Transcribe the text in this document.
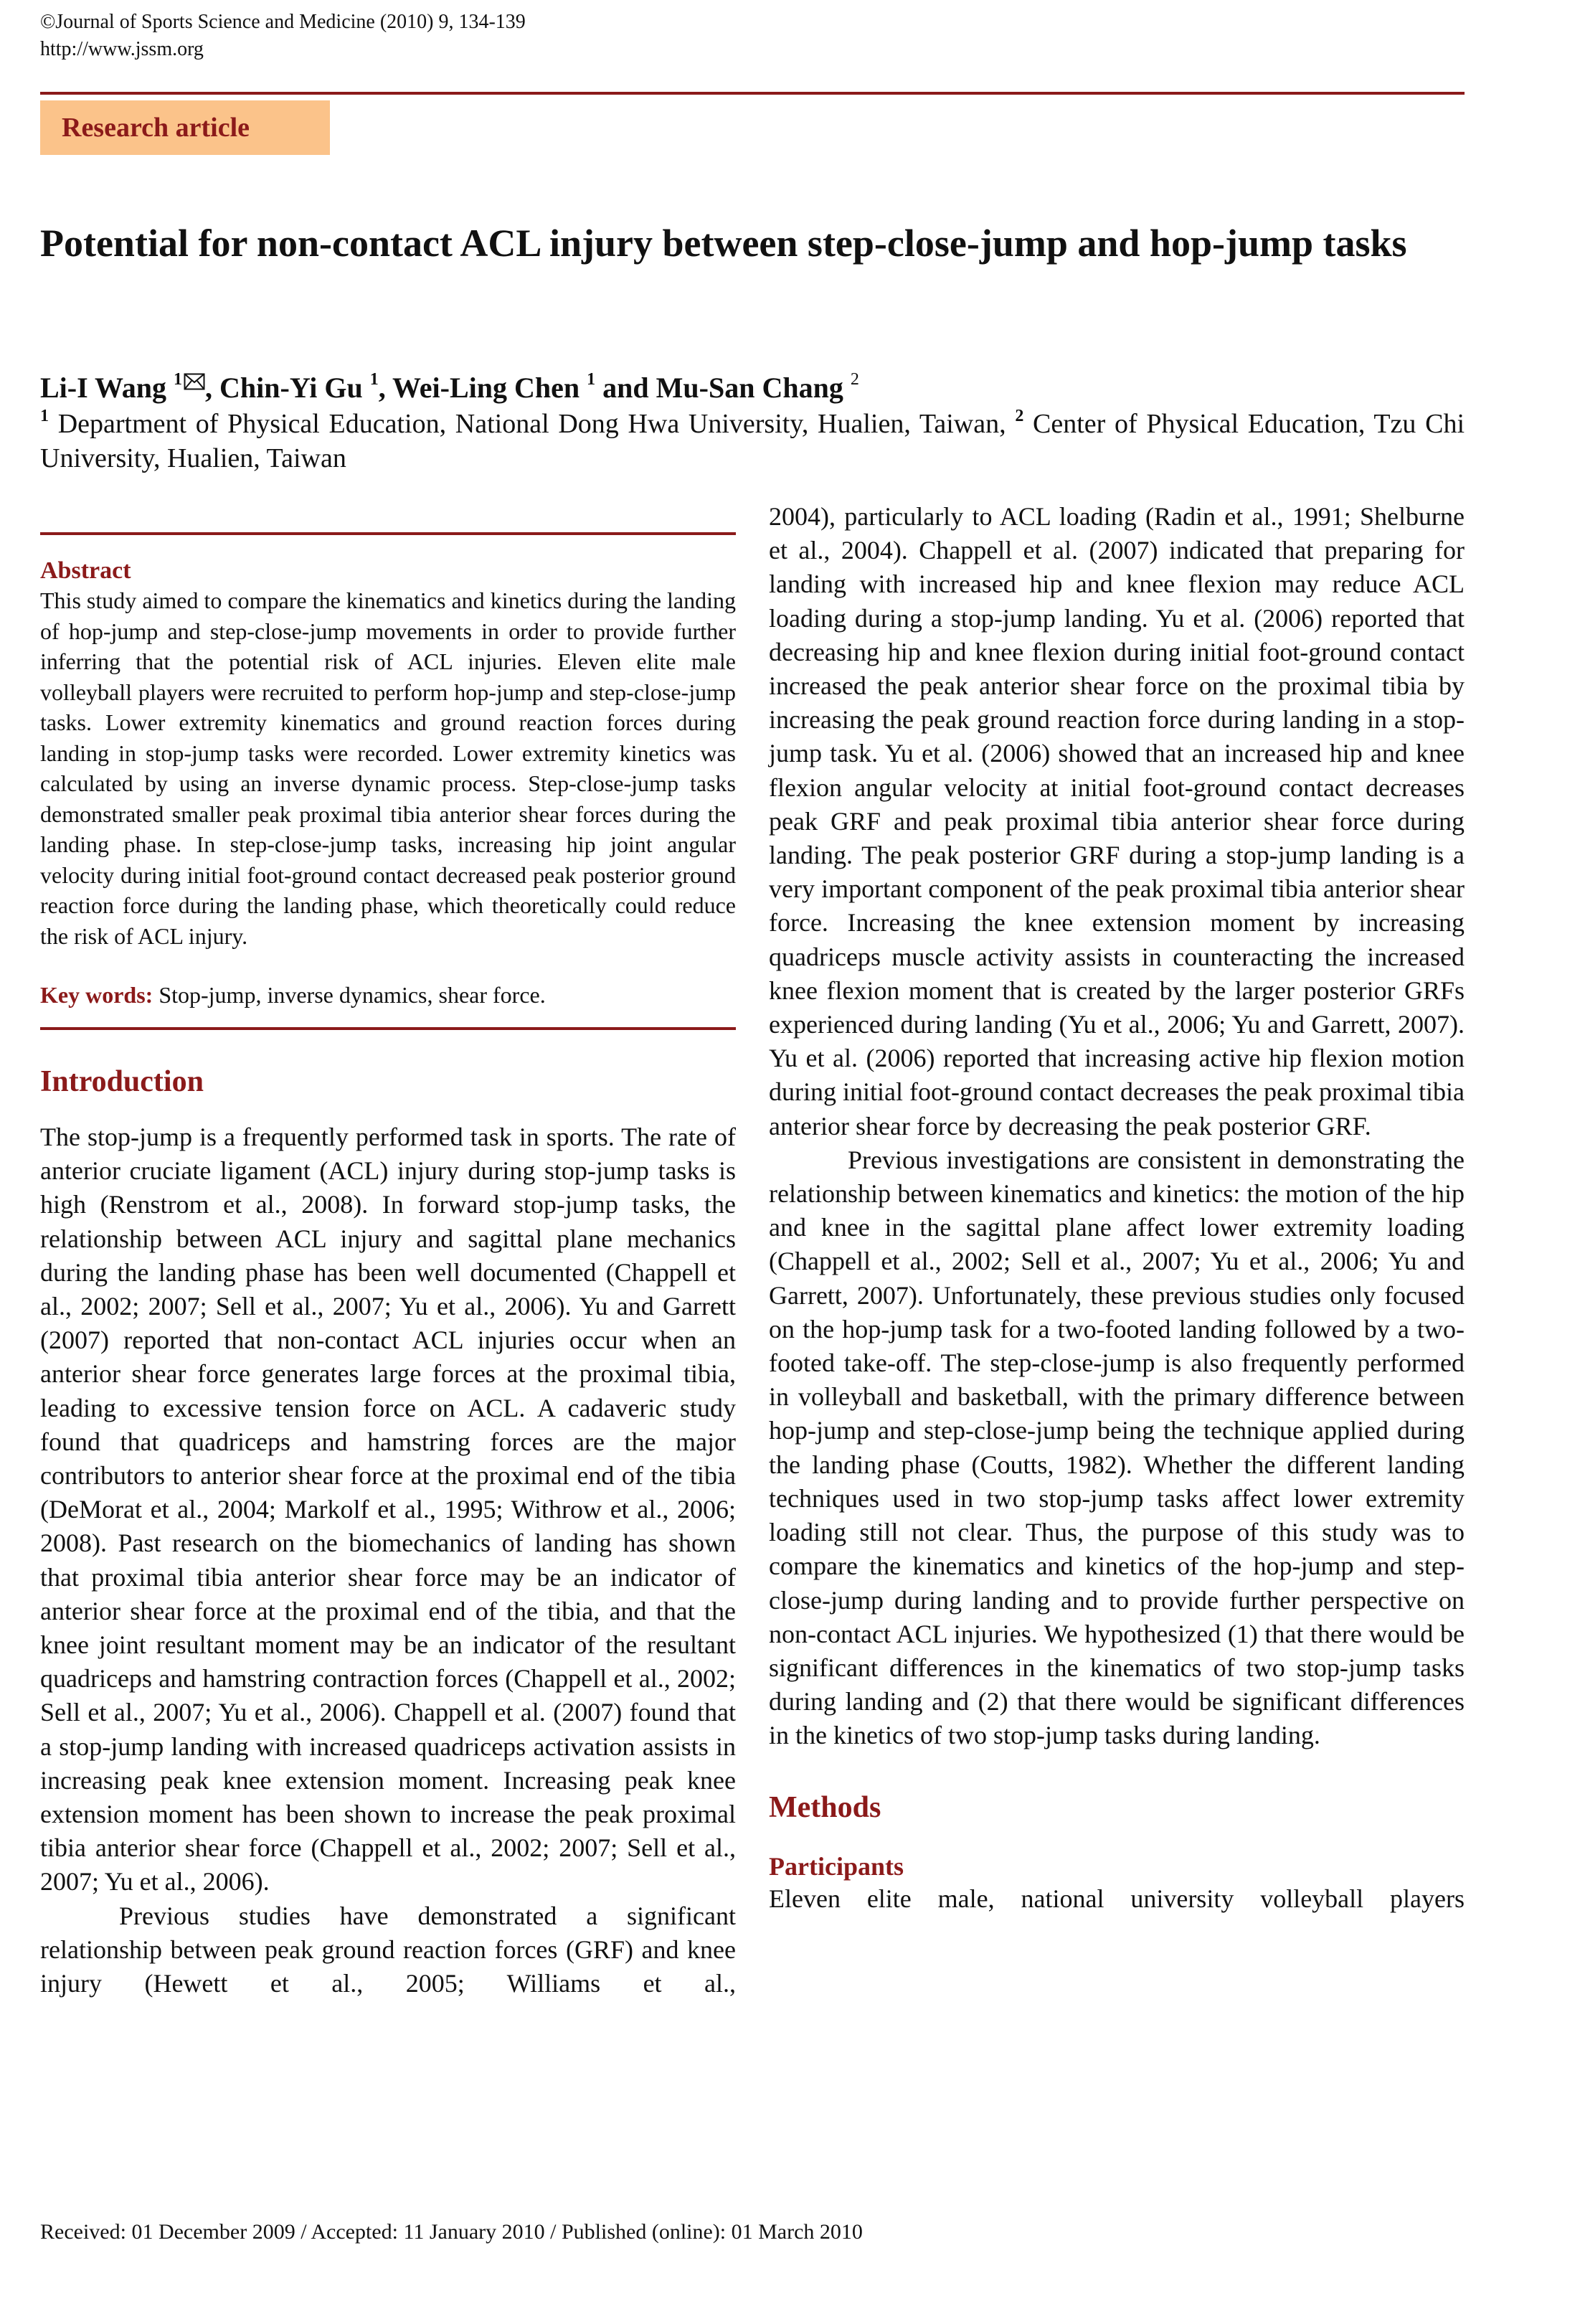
©Journal of Sports Science and Medicine (2010) 9, 134-139
http://www.jssm.org
Research article
Potential for non-contact ACL injury between step-close-jump and hop-jump tasks
Li-I Wang $^1$ , Chin-Yi Gu $^1$, Wei-Ling Chen $^1$ and Mu-San Chang $^2$
$^1$ Department of Physical Education, National Dong Hwa University, Hualien, Taiwan, $^2$ Center of Physical Education, Tzu Chi University, Hualien, Taiwan
Abstract

This study aimed to compare the kinematics and kinetics during the landing of hop-jump and step-close-jump movements in order to provide further inferring that the potential risk of ACL injuries. Eleven elite male volleyball players were recruited to perform hop-jump and step-close-jump tasks. Lower extremity kinematics and ground reaction forces during landing in stop-jump tasks were recorded. Lower extremity kinetics was calculated by using an inverse dynamic process. Step-close-jump tasks demonstrated smaller peak proximal tibia anterior shear forces during the landing phase. In step-close-jump tasks, increasing hip joint angular velocity during initial foot-ground contact decreased peak posterior ground reaction force during the landing phase, which theoretically could reduce the risk of ACL injury.

Key words: Stop-jump, inverse dynamics, shear force.
Introduction

The stop-jump is a frequently performed task in sports. The rate of anterior cruciate ligament (ACL) injury during stop-jump tasks is high (Renstrom et al., 2008). In forward stop-jump tasks, the relationship between ACL injury and sagittal plane mechanics during the landing phase has been well documented (Chappell et al., 2002; 2007; Sell et al., 2007; Yu et al., 2006). Yu and Garrett (2007) reported that non-contact ACL injuries occur when an anterior shear force generates large forces at the proximal tibia, leading to excessive tension force on ACL. A cadaveric study found that quadriceps and hamstring forces are the major contributors to anterior shear force at the proximal end of the tibia (DeMorat et al., 2004; Markolf et al., 1995; Withrow et al., 2006; 2008). Past research on the biomechanics of landing has shown that proximal tibia anterior shear force may be an indicator of anterior shear force at the proximal end of the tibia, and that the knee joint resultant moment may be an indicator of the resultant quadriceps and hamstring contraction forces (Chappell et al., 2002; Sell et al., 2007; Yu et al., 2006). Chappell et al. (2007) found that a stop-jump landing with increased quadriceps activation assists in increasing peak knee extension moment. Increasing peak knee extension moment has been shown to increase the peak proximal tibia anterior shear force (Chappell et al., 2002; 2007; Sell et al., 2007; Yu et al., 2006).

Previous studies have demonstrated a significant relationship between peak ground reaction forces (GRF) and knee injury (Hewett et al., 2005; Williams et al.,

2004), particularly to ACL loading (Radin et al., 1991; Shelburne et al., 2004). Chappell et al. (2007) indicated that preparing for landing with increased hip and knee flexion may reduce ACL loading during a stop-jump landing. Yu et al. (2006) reported that decreasing hip and knee flexion during initial foot-ground contact increased the peak anterior shear force on the proximal tibia by increasing the peak ground reaction force during landing in a stop-jump task. Yu et al. (2006) showed that an increased hip and knee flexion angular velocity at initial foot-ground contact decreases peak GRF and peak proximal tibia anterior shear force during landing. The peak posterior GRF during a stop-jump landing is a very important component of the peak proximal tibia anterior shear force. Increasing the knee extension moment by increasing quadriceps muscle activity assists in counteracting the increased knee flexion moment that is created by the larger posterior GRFs experienced during landing (Yu et al., 2006; Yu and Garrett, 2007). Yu et al. (2006) reported that increasing active hip flexion motion during initial foot-ground contact decreases the peak proximal tibia anterior shear force by decreasing the peak posterior GRF.

Previous investigations are consistent in demonstrating the relationship between kinematics and kinetics: the motion of the hip and knee in the sagittal plane affect lower extremity loading (Chappell et al., 2002; Sell et al., 2007; Yu et al., 2006; Yu and Garrett, 2007). Unfortunately, these previous studies only focused on the hop-jump task for a two-footed landing followed by a two-footed take-off. The step-close-jump is also frequently performed in volleyball and basketball, with the primary difference between hop-jump and step-close-jump being the technique applied during the landing phase (Coutts, 1982). Whether the different landing techniques used in two stop-jump tasks affect lower extremity loading still not clear. Thus, the purpose of this study was to compare the kinematics and kinetics of the hop-jump and step-close-jump during landing and to provide further perspective on non-contact ACL injuries. We hypothesized (1) that there would be significant differences in the kinematics of two stop-jump tasks during landing and (2) that there would be significant differences in the kinetics of two stop-jump tasks during landing.

Methods
Participants

Eleven elite male, national university volleyball players

Received: 01 December 2009 / Accepted: 11 January 2010 / Published (online): 01 March 2010
